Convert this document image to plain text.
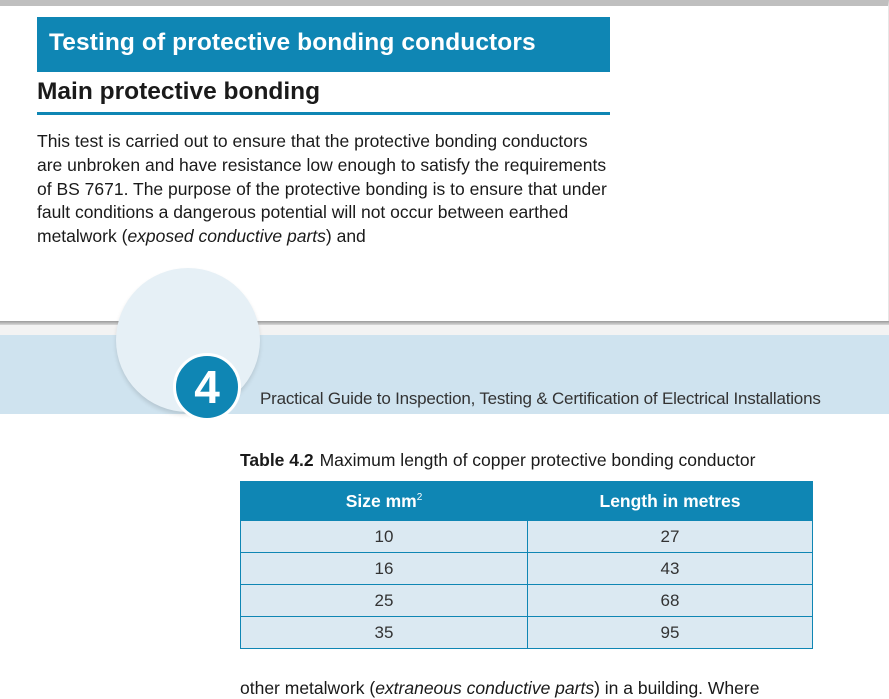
Testing of protective bonding conductors
Main protective bonding

This test is carried out to ensure that the protective bonding conductors are unbroken and have resistance low enough to satisfy the requirements of BS 7671. The purpose of the protective bonding is to ensure that under fault conditions a dangerous potential will not occur between earthed metalwork (exposed conductive parts) and

4	Practical Guide to Inspection, Testing & Certification of Electrical Installations
Table 4.2 Maximum length of copper protective bonding conductor
Size $mm^2$	Length in metres
10	27
16	43
25	68
35	95
other metalwork (extraneous conductive parts) in a building. Where
